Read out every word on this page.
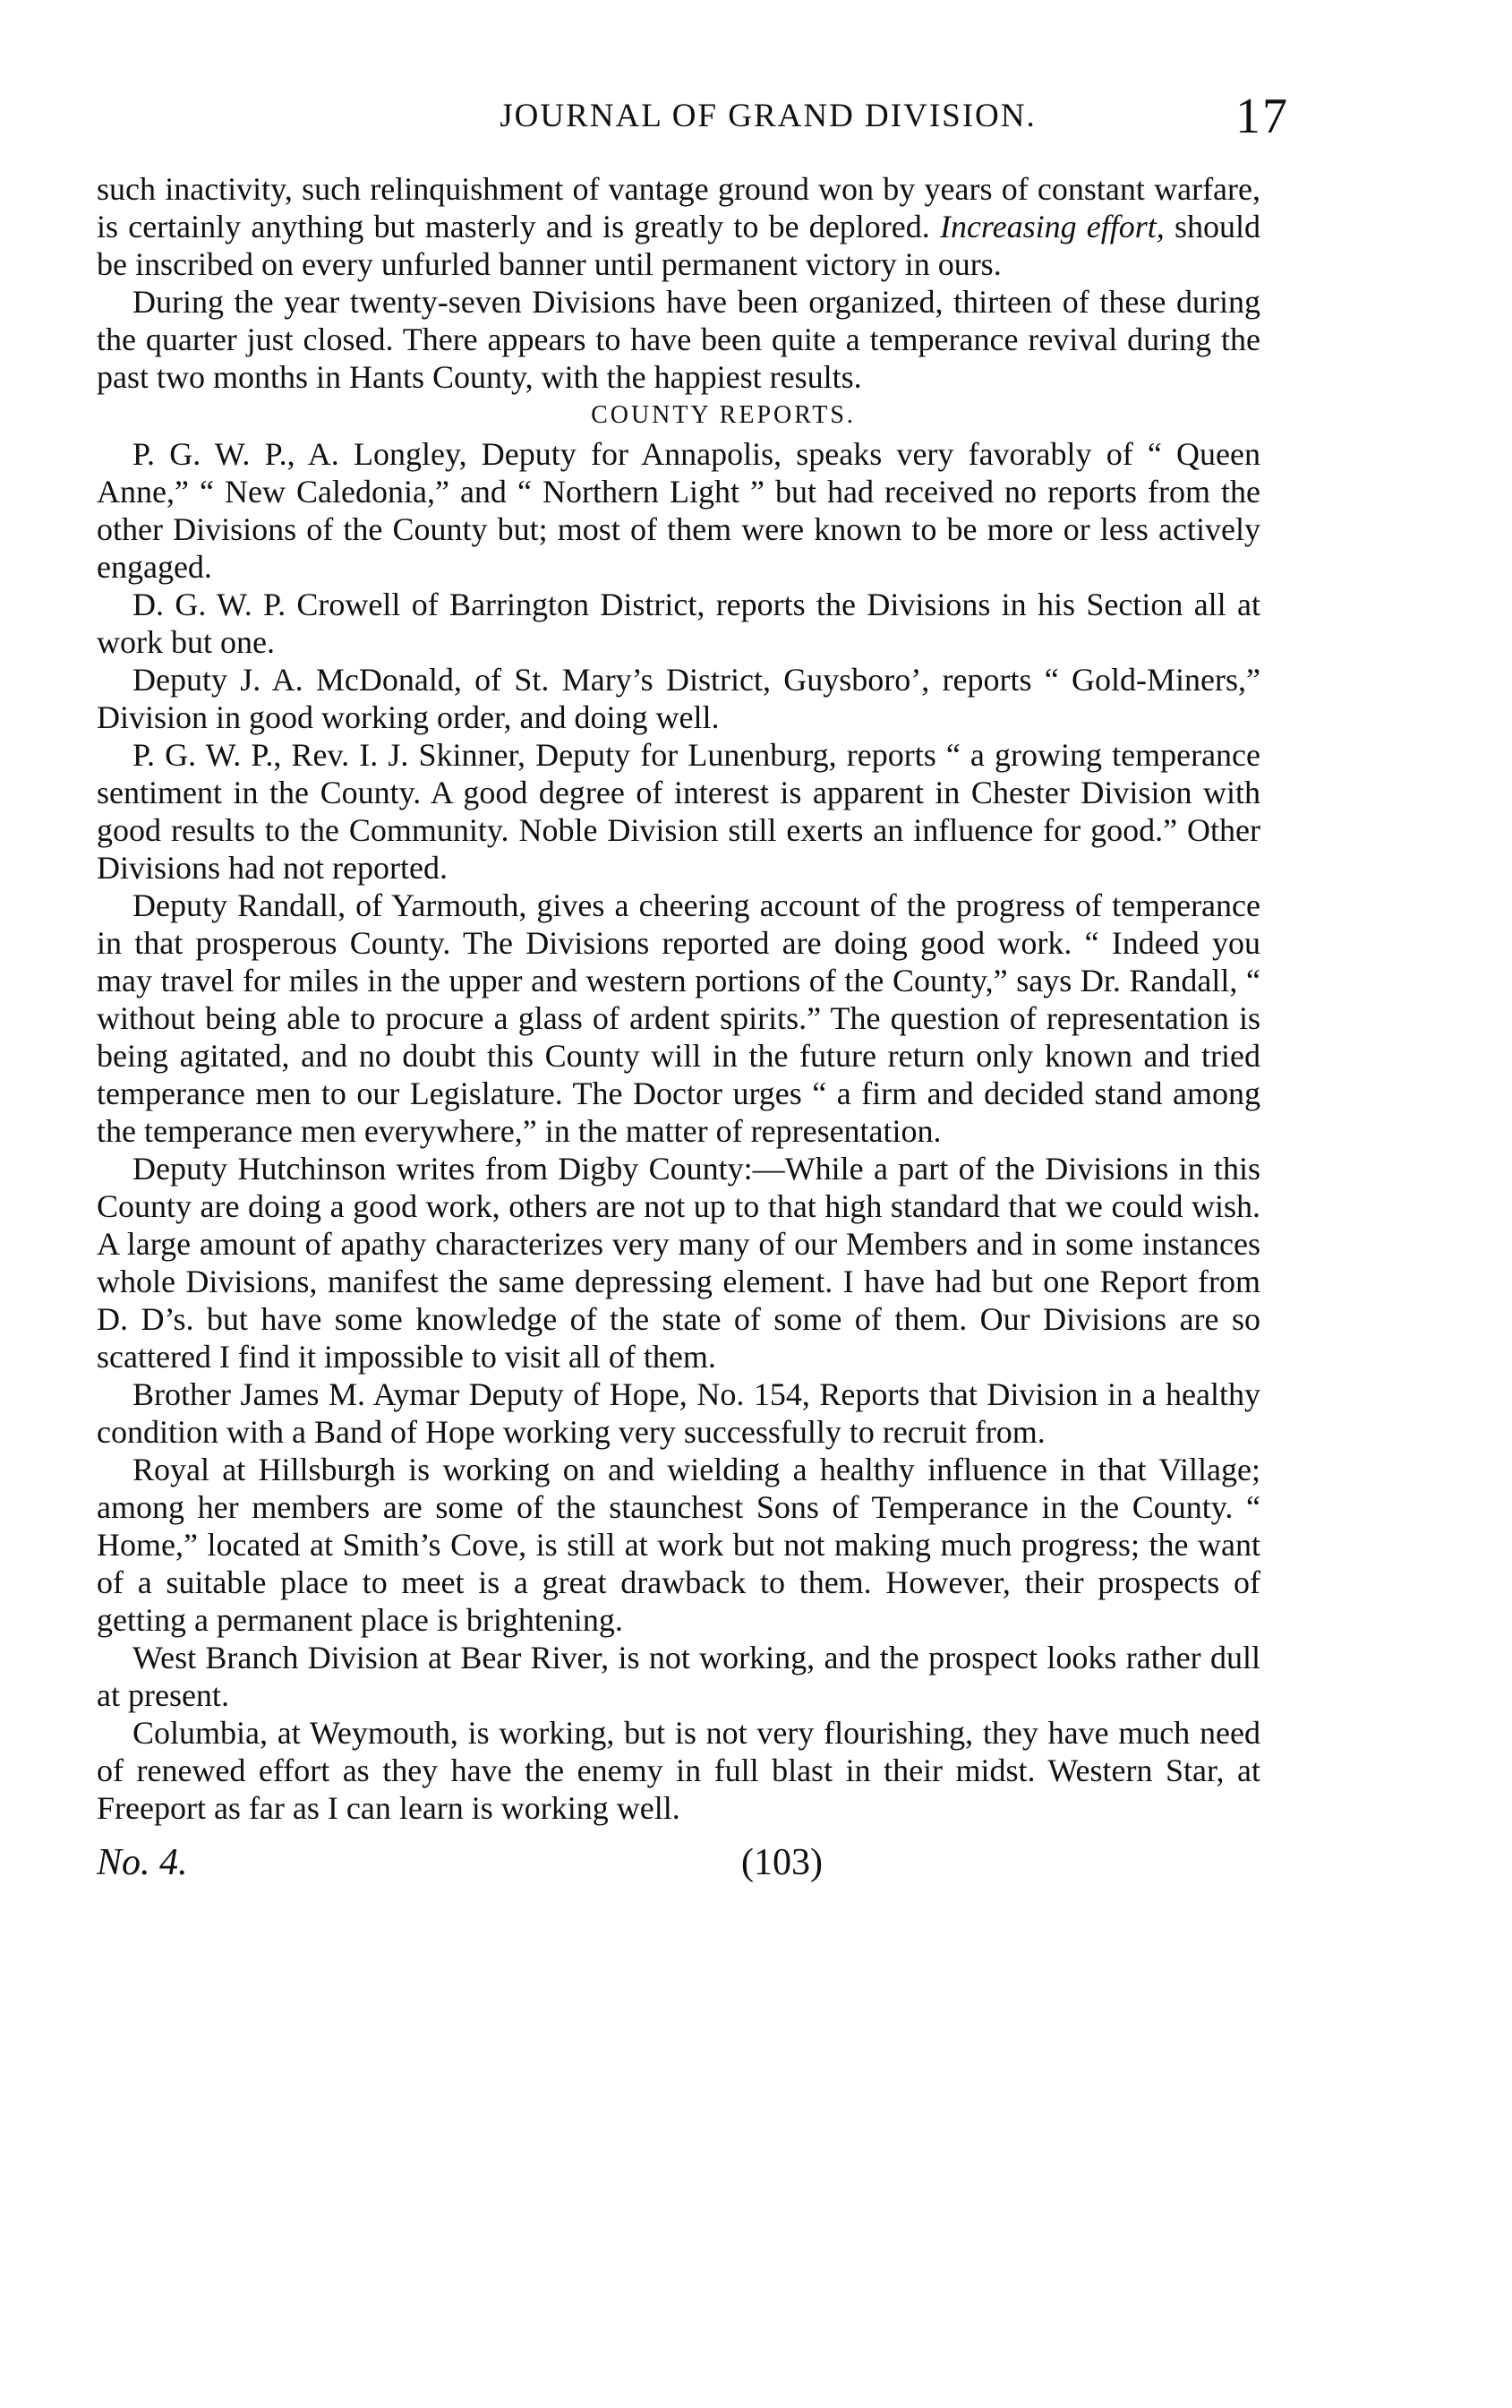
JOURNAL OF GRAND DIVISION.	17

such inactivity, such relinquishment of vantage ground won by years of constant warfare, is certainly anything but masterly and is greatly to be deplored. Increasing effort, should be inscribed on every unfurled banner until permanent victory in ours.

During the year twenty-seven Divisions have been organized, thirteen of these during the quarter just closed. There appears to have been quite a temperance revival during the past two months in Hants County, with the happiest results.

COUNTY REPORTS.

P. G. W. P., A. Longley, Deputy for Annapolis, speaks very favorably of “ Queen Anne,” “ New Caledonia,” and “ Northern Light ” but had received no reports from the other Divisions of the County but; most of them were known to be more or less actively engaged.

D. G. W. P. Crowell of Barrington District, reports the Divisions in his Section all at work but one.

Deputy J. A. McDonald, of St. Mary’s District, Guysboro’, reports “ Gold-Miners,” Division in good working order, and doing well.

P. G. W. P., Rev. I. J. Skinner, Deputy for Lunenburg, reports “ a growing temperance sentiment in the County. A good degree of interest is apparent in Chester Division with good results to the Community. Noble Division still exerts an influence for good.” Other Divisions had not reported.

Deputy Randall, of Yarmouth, gives a cheering account of the progress of temperance in that prosperous County. The Divisions reported are doing good work. “ Indeed you may travel for miles in the upper and western portions of the County,” says Dr. Randall, “ without being able to procure a glass of ardent spirits.” The question of representation is being agitated, and no doubt this County will in the future return only known and tried temperance men to our Legislature. The Doctor urges “ a firm and decided stand among the temperance men everywhere,” in the matter of representation.

Deputy Hutchinson writes from Digby County:—While a part of the Divisions in this County are doing a good work, others are not up to that high standard that we could wish. A large amount of apathy characterizes very many of our Members and in some instances whole Divisions, manifest the same depressing element. I have had but one Report from D. D’s. but have some knowledge of the state of some of them. Our Divisions are so scattered I find it impossible to visit all of them.

Brother James M. Aymar Deputy of Hope, No. 154, Reports that Division in a healthy condition with a Band of Hope working very successfully to recruit from.

Royal at Hillsburgh is working on and wielding a healthy influence in that Village; among her members are some of the staunchest Sons of Temperance in the County. “ Home,” located at Smith’s Cove, is still at work but not making much progress; the want of a suitable place to meet is a great drawback to them. However, their prospects of getting a permanent place is brightening.

West Branch Division at Bear River, is not working, and the prospect looks rather dull at present.

Columbia, at Weymouth, is working, but is not very flourishing, they have much need of renewed effort as they have the enemy in full blast in their midst. Western Star, at Freeport as far as I can learn is working well.

No. 4.	(103)
